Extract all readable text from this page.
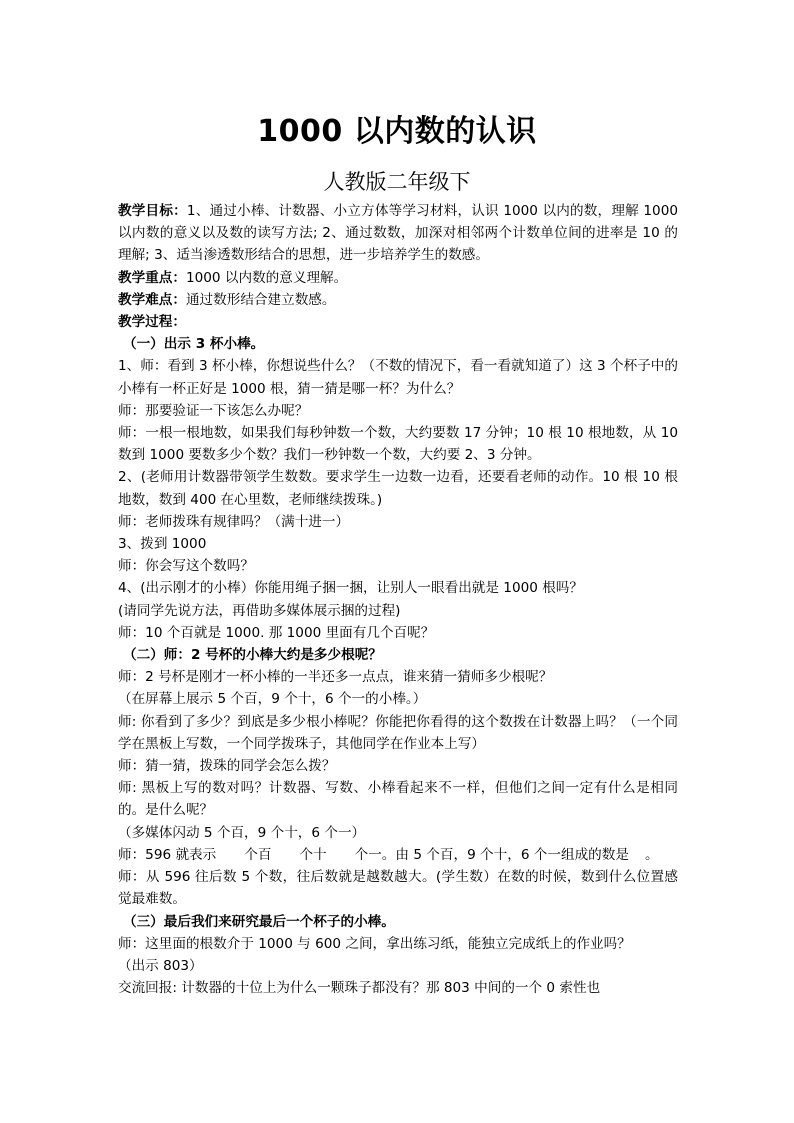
1000 以内数的认识
人教版二年级下

教学目标：1、通过小棒、计数器、小立方体等学习材料，认识 1000 以内的数，理解 1000 以内数的意义以及数的读写方法; 2、通过数数，加深对相邻两个计数单位间的进率是 10 的理解; 3、适当渗透数形结合的思想，进一步培养学生的数感。

教学重点：1000 以内数的意义理解。

教学难点：通过数形结合建立数感。

教学过程：

（一）出示 3 杯小棒。

1、师：看到 3 杯小棒，你想说些什么？（不数的情况下，看一看就知道了）这 3 个杯子中的小棒有一杯正好是 1000 根，猜一猜是哪一杯？为什么？

师：那要验证一下该怎么办呢？

师：一根一根地数，如果我们每秒钟数一个数，大约要数 17 分钟；10 根 10 根地数，从 10 数到 1000 要数多少个数？我们一秒钟数一个数，大约要 2、3 分钟。

2、(老师用计数器带领学生数数。要求学生一边数一边看，还要看老师的动作。10 根 10 根地数，数到 400 在心里数，老师继续拨珠。)

师：老师拨珠有规律吗？（满十进一）

3、拨到 1000

师：你会写这个数吗？

4、(出示刚才的小棒）你能用绳子捆一捆，让别人一眼看出就是 1000 根吗？

(请同学先说方法，再借助多媒体展示捆的过程)

师：10 个百就是 1000. 那 1000 里面有几个百呢？

（二）师：2 号杯的小棒大约是多少根呢？

师：2 号杯是刚才一杯小棒的一半还多一点点，谁来猜一猜师多少根呢？

（在屏幕上展示 5 个百，9 个十，6 个一的小棒。）

师: 你看到了多少？到底是多少根小棒呢？你能把你看得的这个数拨在计数器上吗？（一个同学在黑板上写数，一个同学拨珠子，其他同学在作业本上写）

师：猜一猜，拨珠的同学会怎么拨？

师: 黑板上写的数对吗？计数器、写数、小棒看起来不一样，但他们之间一定有什么是相同的。是什么呢？

（多媒体闪动 5 个百，9 个十，6 个一）

师：596 就表示 个百 个十 个一。由 5 个百，9 个十，6 个一组成的数是 。

师：从 596 往后数 5 个数，往后数就是越数越大。(学生数）在数的时候，数到什么位置感觉最难数。

（三）最后我们来研究最后一个杯子的小棒。

师：这里面的根数介于 1000 与 600 之间，拿出练习纸，能独立完成纸上的作业吗？

（出示 803）

交流回报: 计数器的十位上为什么一颗珠子都没有？那 803 中间的一个 0 索性也
